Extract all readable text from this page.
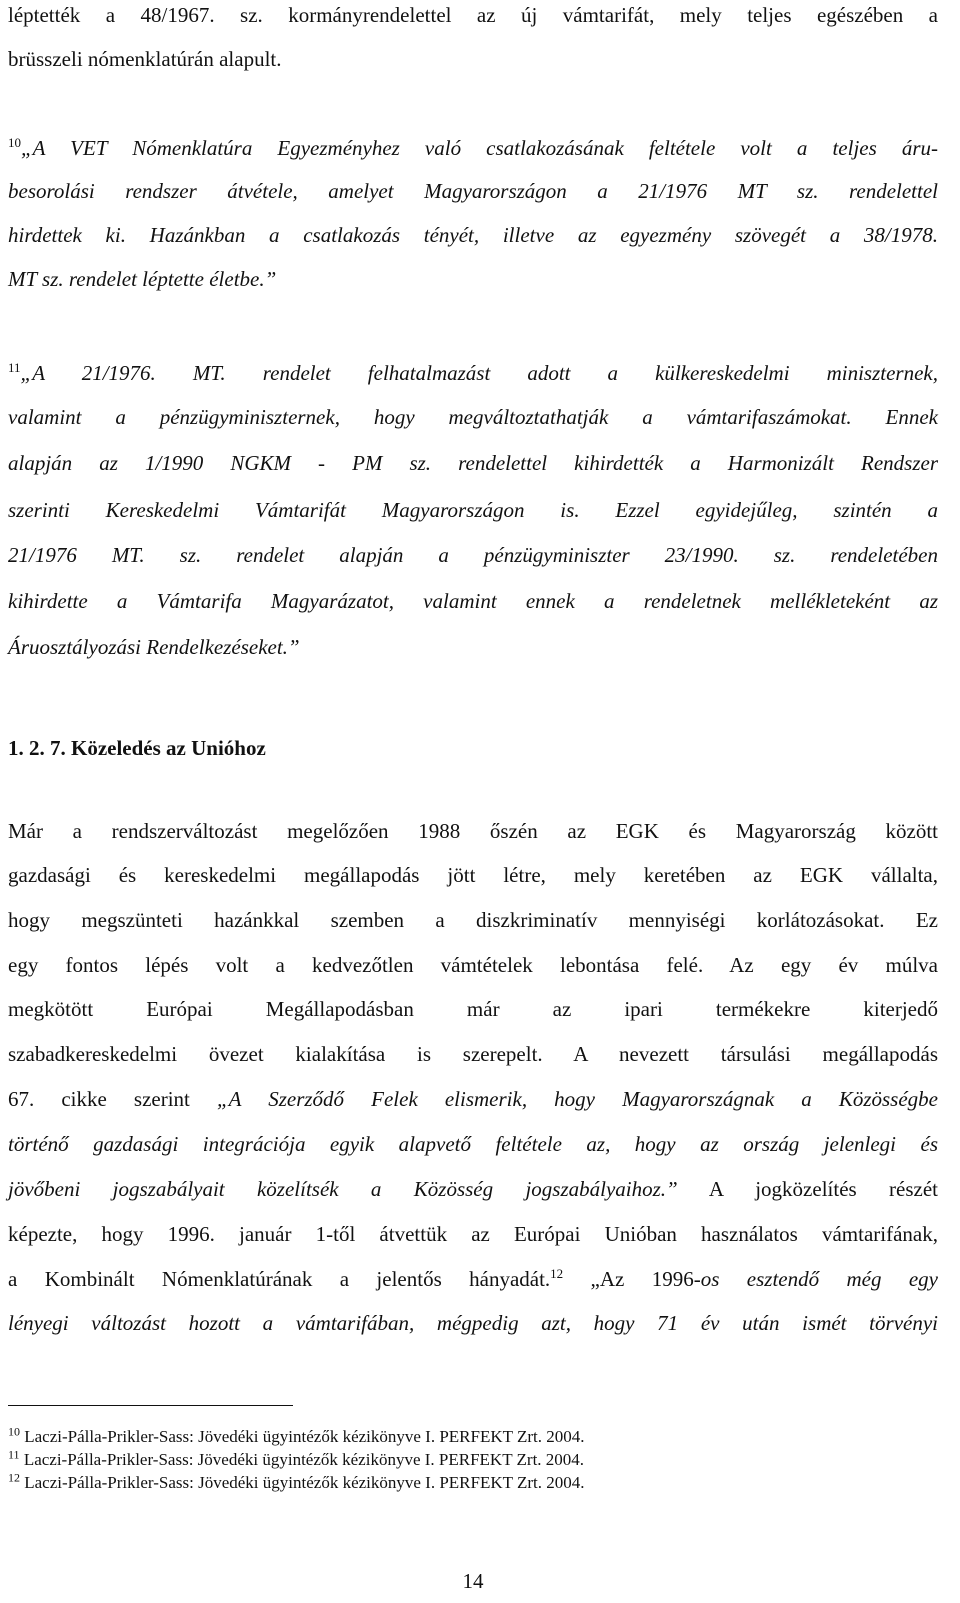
léptették a 48/1967. sz. kormányrendelettel az új vámtarifát, mely teljes egészében a
brüsszeli nómenklatúrán alapult.
$^{10}$„A VET Nómenklatúra Egyezményhez való csatlakozásának feltétele volt a teljes áru-
besorolási rendszer átvétele, amelyet Magyarországon a 21/1976 MT sz. rendelettel
hirdettek ki. Hazánkban a csatlakozás tényét, illetve az egyezmény szövegét a 38/1978.
MT sz. rendelet léptette életbe.”
$^{11}$„A 21/1976. MT. rendelet felhatalmazást adott a külkereskedelmi miniszternek,
valamint a pénzügyminiszternek, hogy megváltoztathatják a vámtarifaszámokat. Ennek
alapján az 1/1990 NGKM - PM sz. rendelettel kihirdették a Harmonizált Rendszer
szerinti Kereskedelmi Vámtarifát Magyarországon is. Ezzel egyidejűleg, szintén a
21/1976 MT. sz. rendelet alapján a pénzügyminiszter 23/1990. sz. rendeletében
kihirdette a Vámtarifa Magyarázatot, valamint ennek a rendeletnek mellékleteként az
Áruosztályozási Rendelkezéseket.”
1. 2. 7. Közeledés az Unióhoz
Már a rendszerváltozást megelőzően 1988 őszén az EGK és Magyarország között
gazdasági és kereskedelmi megállapodás jött létre, mely keretében az EGK vállalta,
hogy megszünteti hazánkkal szemben a diszkriminatív mennyiségi korlátozásokat. Ez
egy fontos lépés volt a kedvezőtlen vámtételek lebontása felé. Az egy év múlva
megkötött Európai Megállapodásban már az ipari termékekre kiterjedő
szabadkereskedelmi övezet kialakítása is szerepelt. A nevezett társulási megállapodás
67. cikke szerint „A Szerződő Felek elismerik, hogy Magyarországnak a Közösségbe
történő gazdasági integrációja egyik alapvető feltétele az, hogy az ország jelenlegi és
jövőbeni jogszabályait közelítsék a Közösség jogszabályaihoz.” A jogközelítés részét
képezte, hogy 1996. január 1-től átvettük az Európai Unióban használatos vámtarifának,
a Kombinált Nómenklatúrának a jelentős hányadát.$^{12}$ „Az 1996-os esztendő még egy
lényegi változást hozott a vámtarifában, mégpedig azt, hogy 71 év után ismét törvényi
$^{10}$ Laczi-Pálla-Prikler-Sass: Jövedéki ügyintézők kézikönyve I. PERFEKT Zrt. 2004.
$^{11}$ Laczi-Pálla-Prikler-Sass: Jövedéki ügyintézők kézikönyve I. PERFEKT Zrt. 2004.
$^{12}$ Laczi-Pálla-Prikler-Sass: Jövedéki ügyintézők kézikönyve I. PERFEKT Zrt. 2004.
14
